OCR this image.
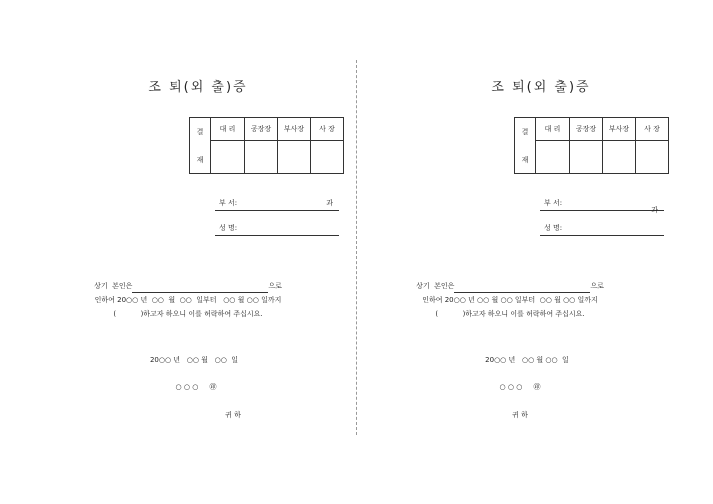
조 퇴(외 출)증
결
재	대 리	공장장	부사장	사 장

부 서:	과
성 명:
상기  본인은	으로
인하여 20○○ 년  ○○  월  ○○  일부터   ○○ 월 ○○ 일까지
(           )하고자 하오니 이를 허락하여 주십시요.
20○○ 년   ○○ 월   ○○  일
○ ○ ○     ㊞
귀 하
조 퇴(외 출)증
결
재	대 리	공장장	부사장	사 장

부 서:
과
성 명:
상기  본인은	으로
인하여 20○○ 년 ○○ 월 ○○ 일부터  ○○ 월 ○○ 일까지
(           )하고자 하오니 이를 허락하여 주십시요.
20○○ 년   ○○ 월 ○○  일
○ ○ ○     ㊞
귀 하
